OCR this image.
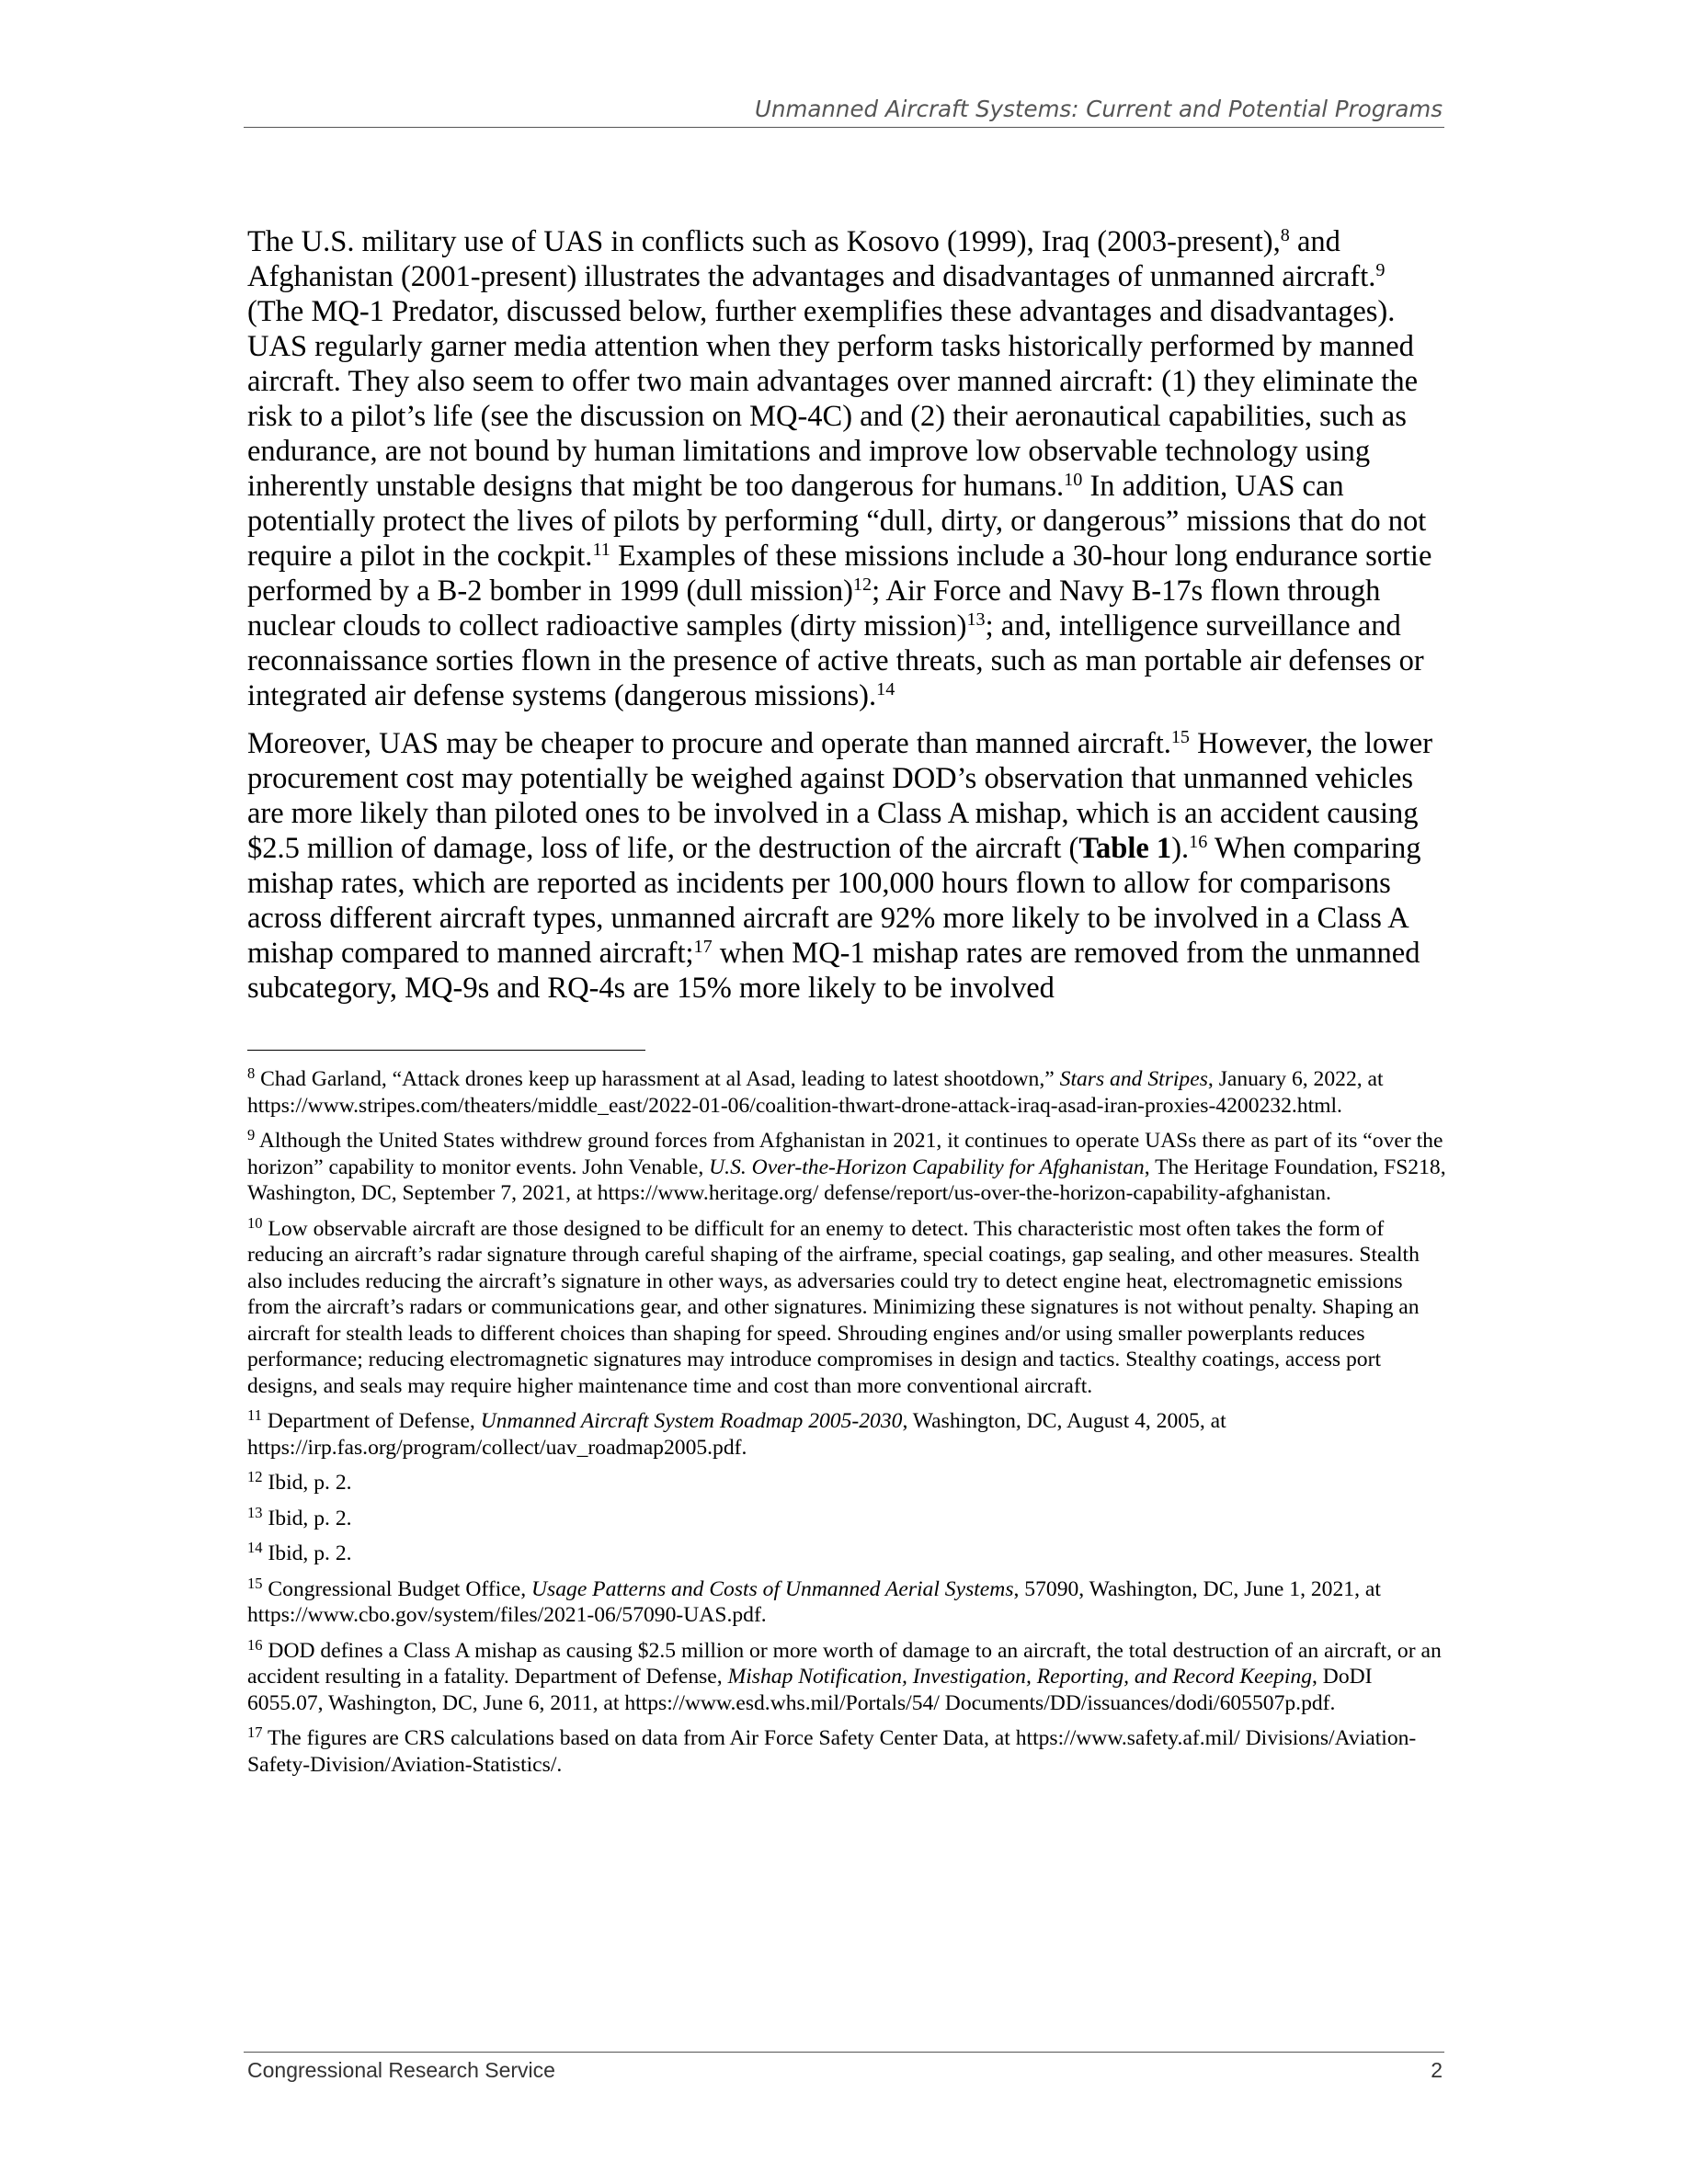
Unmanned Aircraft Systems: Current and Potential Programs

The U.S. military use of UAS in conflicts such as Kosovo (1999), Iraq (2003-present),$^8$ and Afghanistan (2001-present) illustrates the advantages and disadvantages of unmanned aircraft.$^9$ (The MQ-1 Predator, discussed below, further exemplifies these advantages and disadvantages). UAS regularly garner media attention when they perform tasks historically performed by manned aircraft. They also seem to offer two main advantages over manned aircraft: (1) they eliminate the risk to a pilot’s life (see the discussion on MQ-4C) and (2) their aeronautical capabilities, such as endurance, are not bound by human limitations and improve low observable technology using inherently unstable designs that might be too dangerous for humans.$^{10}$ In addition, UAS can potentially protect the lives of pilots by performing “dull, dirty, or dangerous” missions that do not require a pilot in the cockpit.$^{11}$ Examples of these missions include a 30-hour long endurance sortie performed by a B-2 bomber in 1999 (dull mission)$^{12}$; Air Force and Navy B-17s flown through nuclear clouds to collect radioactive samples (dirty mission)$^{13}$; and, intelligence surveillance and reconnaissance sorties flown in the presence of active threats, such as man portable air defenses or integrated air defense systems (dangerous missions).$^{14}$

Moreover, UAS may be cheaper to procure and operate than manned aircraft.$^{15}$ However, the lower procurement cost may potentially be weighed against DOD’s observation that unmanned vehicles are more likely than piloted ones to be involved in a Class A mishap, which is an accident causing $2.5 million of damage, loss of life, or the destruction of the aircraft (Table 1).$^{16}$ When comparing mishap rates, which are reported as incidents per 100,000 hours flown to allow for comparisons across different aircraft types, unmanned aircraft are 92% more likely to be involved in a Class A mishap compared to manned aircraft;$^{17}$ when MQ-1 mishap rates are removed from the unmanned subcategory, MQ-9s and RQ-4s are 15% more likely to be involved

$^8$ Chad Garland, “Attack drones keep up harassment at al Asad, leading to latest shootdown,” Stars and Stripes, January 6, 2022, at https://www.stripes.com/theaters/middle_east/2022-01-06/coalition-thwart-drone-attack-iraq-asad-iran-proxies-4200232.html.
$^9$ Although the United States withdrew ground forces from Afghanistan in 2021, it continues to operate UASs there as part of its “over the horizon” capability to monitor events. John Venable, U.S. Over-the-Horizon Capability for Afghanistan, The Heritage Foundation, FS218, Washington, DC, September 7, 2021, at https://www.heritage.org/ defense/report/us-over-the-horizon-capability-afghanistan.
$^{10}$ Low observable aircraft are those designed to be difficult for an enemy to detect. This characteristic most often takes the form of reducing an aircraft’s radar signature through careful shaping of the airframe, special coatings, gap sealing, and other measures. Stealth also includes reducing the aircraft’s signature in other ways, as adversaries could try to detect engine heat, electromagnetic emissions from the aircraft’s radars or communications gear, and other signatures. Minimizing these signatures is not without penalty. Shaping an aircraft for stealth leads to different choices than shaping for speed. Shrouding engines and/or using smaller powerplants reduces performance; reducing electromagnetic signatures may introduce compromises in design and tactics. Stealthy coatings, access port designs, and seals may require higher maintenance time and cost than more conventional aircraft.
$^{11}$ Department of Defense, Unmanned Aircraft System Roadmap 2005-2030, Washington, DC, August 4, 2005, at https://irp.fas.org/program/collect/uav_roadmap2005.pdf.
$^{12}$ Ibid, p. 2.
$^{13}$ Ibid, p. 2.
$^{14}$ Ibid, p. 2.
$^{15}$ Congressional Budget Office, Usage Patterns and Costs of Unmanned Aerial Systems, 57090, Washington, DC, June 1, 2021, at https://www.cbo.gov/system/files/2021-06/57090-UAS.pdf.
$^{16}$ DOD defines a Class A mishap as causing $2.5 million or more worth of damage to an aircraft, the total destruction of an aircraft, or an accident resulting in a fatality. Department of Defense, Mishap Notification, Investigation, Reporting, and Record Keeping, DoDI 6055.07, Washington, DC, June 6, 2011, at https://www.esd.whs.mil/Portals/54/ Documents/DD/issuances/dodi/605507p.pdf.
$^{17}$ The figures are CRS calculations based on data from Air Force Safety Center Data, at https://www.safety.af.mil/ Divisions/Aviation-Safety-Division/Aviation-Statistics/.
Congressional Research Service	2
